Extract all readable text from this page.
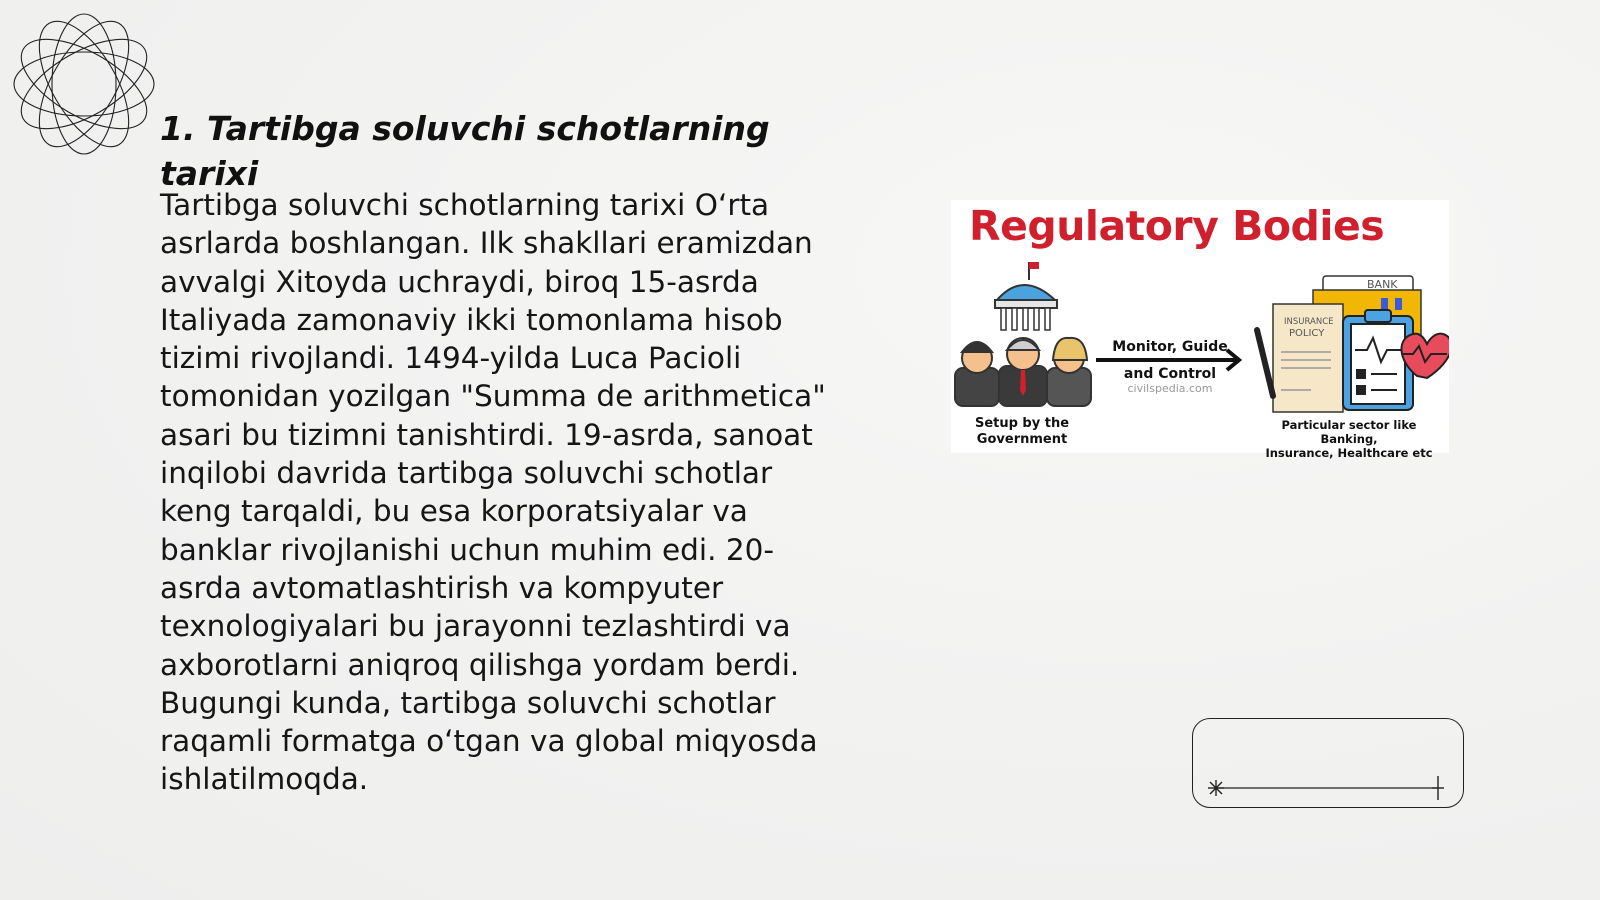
1. Tartibga soluvchi schotlarning tarixi

Tartibga soluvchi schotlarning tarixi O‘rta asrlarda boshlangan. Ilk shakllari eramizdan avvalgi Xitoyda uchraydi, biroq 15-asrda Italiyada zamonaviy ikki tomonlama hisob tizimi rivojlandi. 1494-yilda Luca Pacioli tomonidan yozilgan "Summa de arithmetica" asari bu tizimni tanishtirdi. 19-asrda, sanoat inqilobi davrida tartibga soluvchi schotlar keng tarqaldi, bu esa korporatsiyalar va banklar rivojlanishi uchun muhim edi. 20-asrda avtomatlashtirish va kompyuter texnologiyalari bu jarayonni tezlashtirdi va axborotlarni aniqroq qilishga yordam berdi. Bugungi kunda, tartibga soluvchi schotlar raqamli formatga o‘tgan va global miqyosda ishlatilmoqda.

BANK
INSURANCE
POLICY
Regulatory Bodies
Monitor, Guide
and Control
civilspedia.com
Setup by the
Government
Particular sector like Banking,
Insurance, Healthcare etc
